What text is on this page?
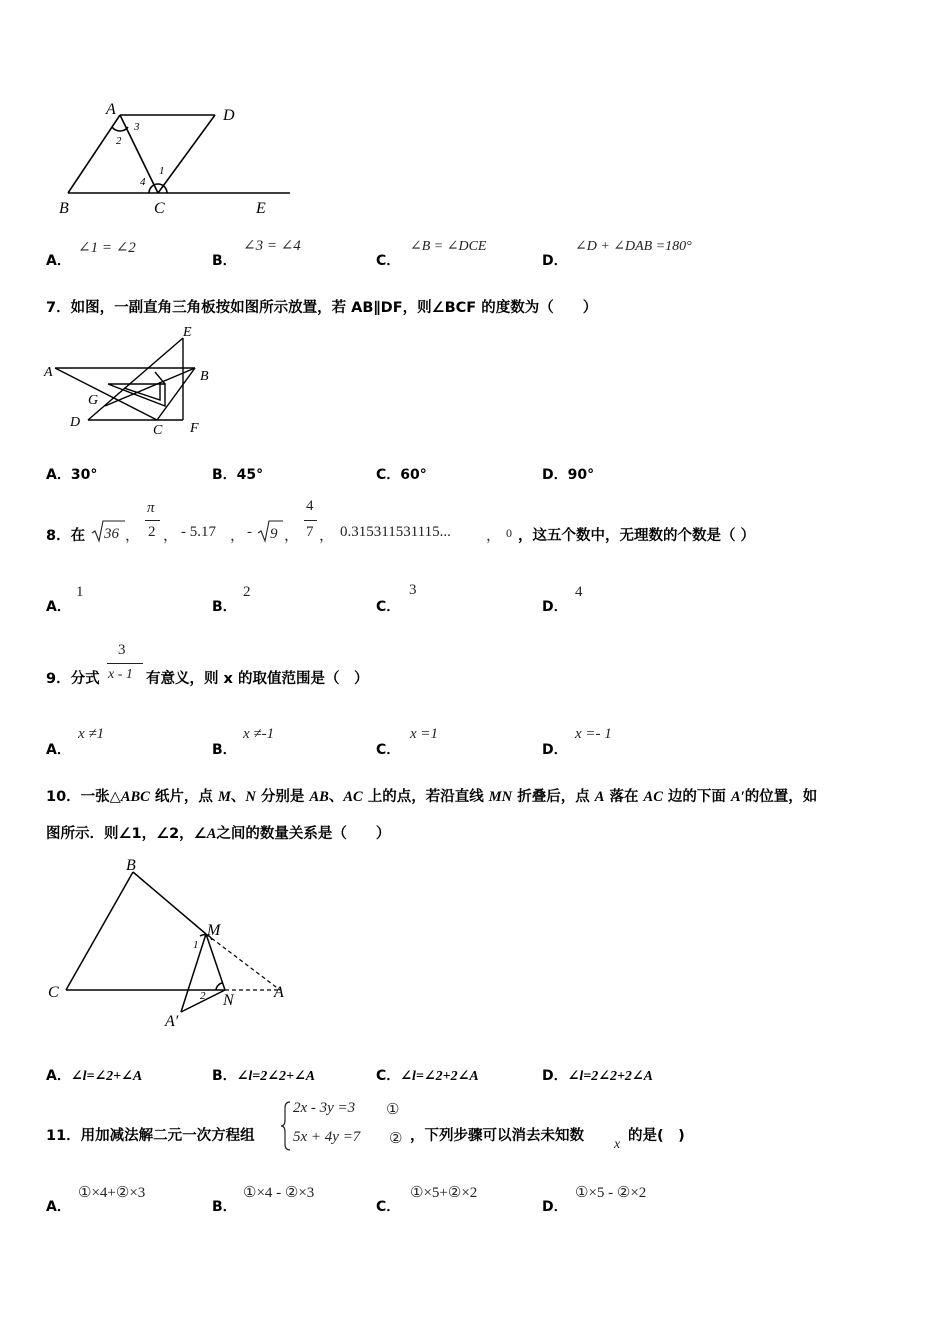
A	D
B	C	E
3
2
1
4
A．
∠1 = ∠2
B．
∠3 = ∠4
C．
∠B = ∠DCE
D．
∠D + ∠DAB =180°
7．如图，一副直角三角板按如图所示放置，若 AB∥DF，则∠BCF 的度数为（　　）
A	B
E
G
D
C F
A．30°	B．45°	C．60°	D．90°
8．在 36 ，
π
2 ， - 5.17 ， - 9 ，
4
7 ， 0.315311531115... ， 0 ，这五个数中，无理数的个数是（ ）
A．
1
B．
2
C．
3
D．
4
9．分式
3
x - 1 有意义，则 x 的取值范围是（　）
A．
x ≠1
B．
x ≠-1
C．
x =1
D．
x =- 1
10．一张△ABC 纸片，点 M、N 分别是 AB、AC 上的点，若沿直线 MN 折叠后，点 A 落在 AC 边的下面 A′的位置，如
图所示．则∠1，∠2，∠A之间的数量关系是（　　）
B
M
1
C	2 N	A
A′
A．∠l=∠2+∠A	B．∠l=2∠2+∠A	C．∠l=∠2+2∠A	D．∠l=2∠2+2∠A
11．用加减法解二元一次方程组
2x - 3y =3 ①
5x + 4y =7 ② ，下列步骤可以消去未知数
x
的是(　)
A．
①×4+②×3
B．
①×4 - ②×3
C．
①×5+②×2
D．
①×5 - ②×2
